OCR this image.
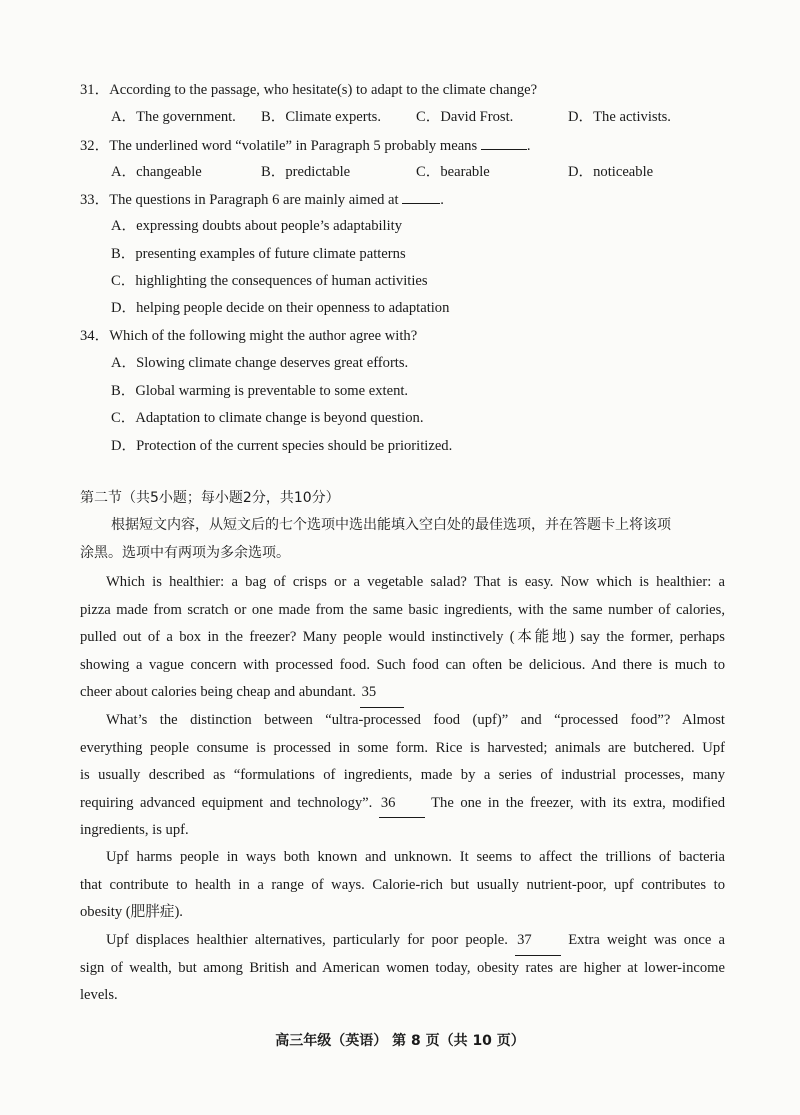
31．According to the passage, who hesitate(s) to adapt to the climate change?
A．The government. B．Climate experts. C．David Frost.	D．The activists.
32．The underlined word “volatile” in Paragraph 5 probably means	.
A．changeable	B．predictable	C．bearable	D．noticeable
33．The questions in Paragraph 6 are mainly aimed at	.
A．expressing doubts about people’s adaptability
B．presenting examples of future climate patterns
C．highlighting the consequences of human activities
D．helping people decide on their openness to adaptation
34．Which of the following might the author agree with?
A．Slowing climate change deserves great efforts.
B．Global warming is preventable to some extent.
C．Adaptation to climate change is beyond question.
D．Protection of the current species should be prioritized.
第二节（共5小题；每小题2分，共10分）
根据短文内容，从短文后的七个选项中选出能填入空白处的最佳选项，并在答题卡上将该项
涂黑。选项中有两项为多余选项。
Which is healthier: a bag of crisps or a vegetable salad? That is easy. Now which is healthier: a
pizza made from scratch or one made from the same basic ingredients, with the same number of calories,
pulled out of a box in the freezer? Many people would instinctively (本能地) say the former, perhaps
showing a vague concern with processed food. Such food can often be delicious. And there is much to
cheer about calories being cheap and abundant. 35
What’s the distinction between “ultra-processed food (upf)” and “processed food”? Almost
everything people consume is processed in some form. Rice is harvested; animals are butchered. Upf
is usually described as “formulations of ingredients, made by a series of industrial processes, many
requiring advanced equipment and technology”. 36 The one in the freezer, with its extra, modified
ingredients, is upf.
Upf harms people in ways both known and unknown. It seems to affect the trillions of bacteria
that contribute to health in a range of ways. Calorie-rich but usually nutrient-poor, upf contributes to
obesity (肥胖症).
Upf displaces healthier alternatives, particularly for poor people. 37	Extra weight was once a
sign of wealth, but among British and American women today, obesity rates are higher at lower-income
levels.
高三年级（英语） 第 8 页（共 10 页）
